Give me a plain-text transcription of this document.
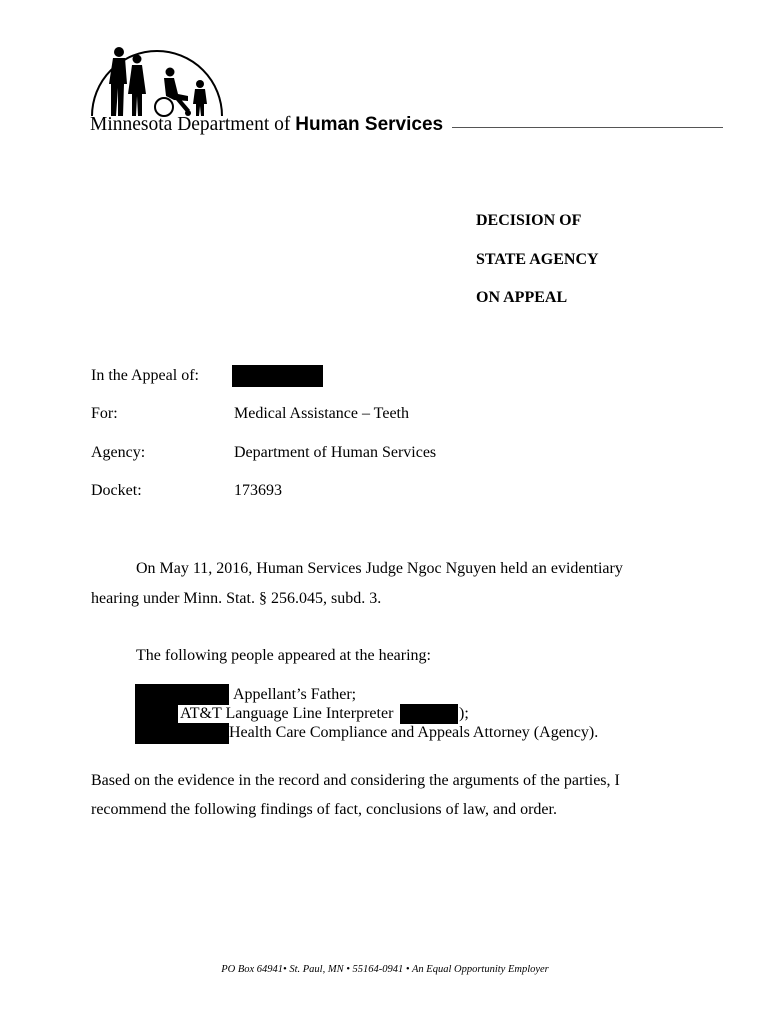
Minnesota Department of Human Services
DECISION OF
STATE AGENCY
ON APPEAL
In the Appeal of:
For:	Medical Assistance – Teeth
Agency:	Department of Human Services
Docket:	173693
On May 11, 2016, Human Services Judge Ngoc Nguyen held an evidentiary
hearing under Minn. Stat. § 256.045, subd. 3.
The following people appeared at the hearing:
Appellant’s Father;
AT&T Language Line Interpreter	);
, Health Care Compliance and Appeals Attorney (Agency).
Based on the evidence in the record and considering the arguments of the parties, I
recommend the following findings of fact, conclusions of law, and order.
PO Box 64941• St. Paul, MN • 55164-0941 • An Equal Opportunity Employer
